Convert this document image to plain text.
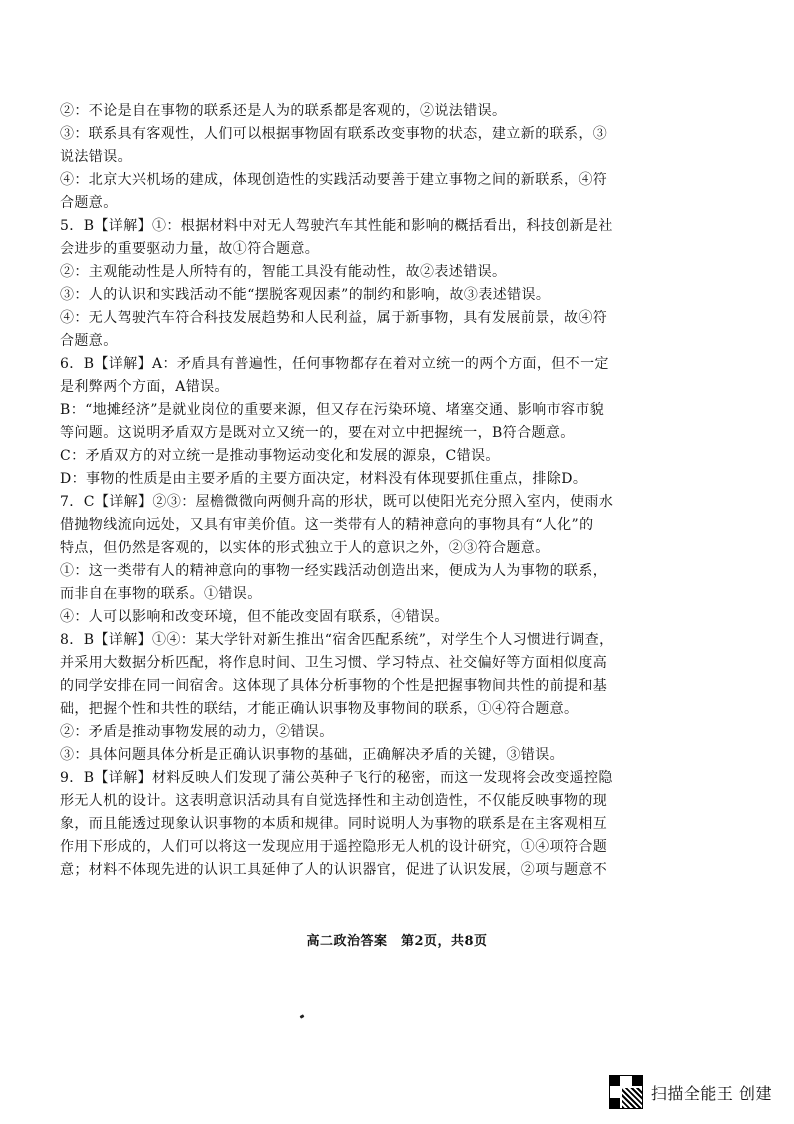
②：不论是自在事物的联系还是人为的联系都是客观的，②说法错误。
③：联系具有客观性，人们可以根据事物固有联系改变事物的状态，建立新的联系，③
说法错误。
④：北京大兴机场的建成，体现创造性的实践活动要善于建立事物之间的新联系，④符
合题意。
5．B【详解】①：根据材料中对无人驾驶汽车其性能和影响的概括看出，科技创新是社
会进步的重要驱动力量，故①符合题意。
②：主观能动性是人所特有的，智能工具没有能动性，故②表述错误。
③：人的认识和实践活动不能“摆脱客观因素”的制约和影响，故③表述错误。
④：无人驾驶汽车符合科技发展趋势和人民利益，属于新事物，具有发展前景，故④符
合题意。
6．B【详解】A：矛盾具有普遍性，任何事物都存在着对立统一的两个方面，但不一定
是利弊两个方面，A错误。
B：“地摊经济”是就业岗位的重要来源，但又存在污染环境、堵塞交通、影响市容市貌
等问题。这说明矛盾双方是既对立又统一的，要在对立中把握统一，B符合题意。
C：矛盾双方的对立统一是推动事物运动变化和发展的源泉，C错误。
D：事物的性质是由主要矛盾的主要方面决定，材料没有体现要抓住重点，排除D。
7．C【详解】②③：屋檐微微向两侧升高的形状，既可以使阳光充分照入室内，使雨水
借抛物线流向远处，又具有审美价值。这一类带有人的精神意向的事物具有“人化”的
特点，但仍然是客观的，以实体的形式独立于人的意识之外，②③符合题意。
①：这一类带有人的精神意向的事物一经实践活动创造出来，便成为人为事物的联系，
而非自在事物的联系。①错误。
④：人可以影响和改变环境，但不能改变固有联系，④错误。
8．B【详解】①④：某大学针对新生推出“宿舍匹配系统”，对学生个人习惯进行调查，
并采用大数据分析匹配，将作息时间、卫生习惯、学习特点、社交偏好等方面相似度高
的同学安排在同一间宿舍。这体现了具体分析事物的个性是把握事物间共性的前提和基
础，把握个性和共性的联结，才能正确认识事物及事物间的联系，①④符合题意。
②：矛盾是推动事物发展的动力，②错误。
③：具体问题具体分析是正确认识事物的基础，正确解决矛盾的关键，③错误。
9．B【详解】材料反映人们发现了蒲公英种子飞行的秘密，而这一发现将会改变遥控隐
形无人机的设计。这表明意识活动具有自觉选择性和主动创造性，不仅能反映事物的现
象，而且能透过现象认识事物的本质和规律。同时说明人为事物的联系是在主客观相互
作用下形成的，人们可以将这一发现应用于遥控隐形无人机的设计研究，①④项符合题
意；材料不体现先进的认识工具延伸了人的认识器官，促进了认识发展，②项与题意不
高二政治答案　第2页，共8页
扫描全能王 创建
